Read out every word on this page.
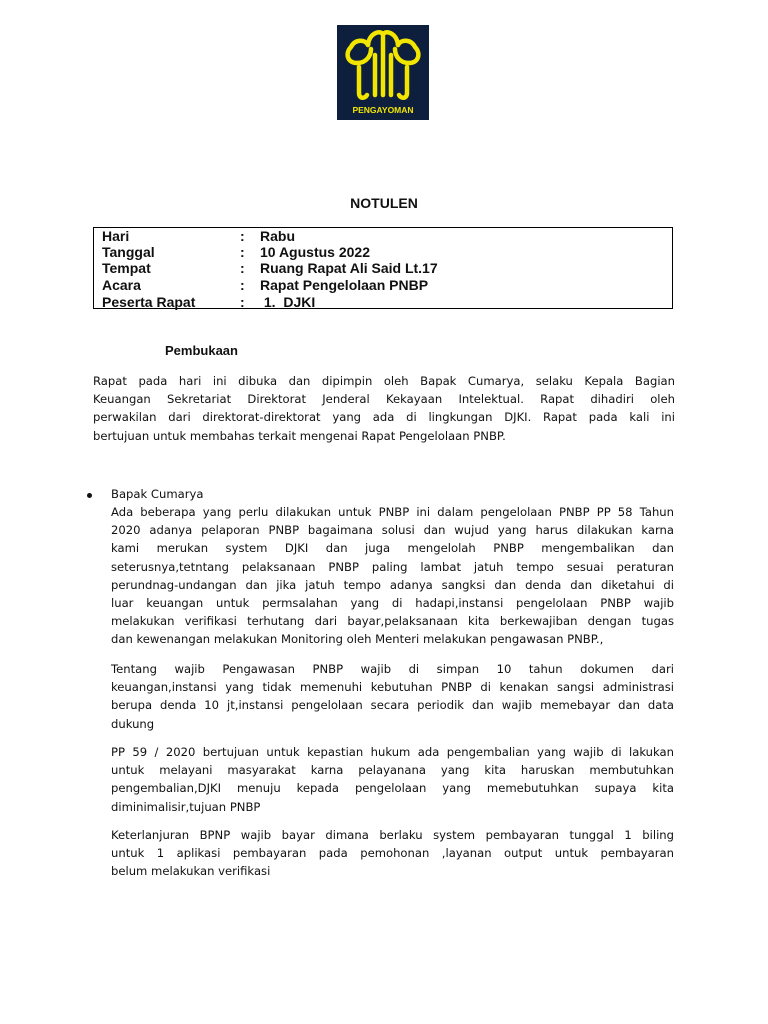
PENGAYOMAN
NOTULEN
Hari	: Rabu
Tanggal	: 10 Agustus 2022
Tempat	: Ruang Rapat Ali Said Lt.17
Acara	: Rapat Pengelolaan PNBP
Peserta Rapat	: 1.  DJKI
Pembukaan
Rapat pada hari ini dibuka dan dipimpin oleh Bapak Cumarya, selaku Kepala Bagian
Keuangan Sekretariat Direktorat Jenderal Kekayaan Intelektual. Rapat dihadiri oleh
perwakilan dari direktorat-direktorat yang ada di lingkungan DJKI. Rapat pada kali ini
bertujuan untuk membahas terkait mengenai Rapat Pengelolaan PNBP.
Bapak Cumarya
Ada beberapa yang perlu dilakukan untuk PNBP ini dalam pengelolaan PNBP PP 58 Tahun
2020 adanya pelaporan PNBP bagaimana solusi dan wujud yang harus dilakukan karna
kami merukan system DJKI dan juga mengelolah PNBP mengembalikan dan
seterusnya,tetntang pelaksanaan PNBP paling lambat jatuh tempo sesuai peraturan
perundnag-undangan dan jika jatuh tempo adanya sangksi dan denda dan diketahui di
luar keuangan untuk permsalahan yang di hadapi,instansi pengelolaan PNBP wajib
melakukan verifikasi terhutang dari bayar,pelaksanaan kita berkewajiban dengan tugas
dan kewenangan melakukan Monitoring oleh Menteri melakukan pengawasan PNBP.,
Tentang wajib Pengawasan PNBP wajib di simpan 10 tahun dokumen dari
keuangan,instansi yang tidak memenuhi kebutuhan PNBP di kenakan sangsi administrasi
berupa denda 10 jt,instansi pengelolaan secara periodik dan wajib memebayar dan data
dukung
PP 59 / 2020 bertujuan untuk kepastian hukum ada pengembalian yang wajib di lakukan
untuk melayani masyarakat karna pelayanana yang kita haruskan membutuhkan
pengembalian,DJKI menuju kepada pengelolaan yang memebutuhkan supaya kita
diminimalisir,tujuan PNBP
Keterlanjuran BPNP wajib bayar dimana berlaku system pembayaran tunggal 1 biling
untuk 1 aplikasi pembayaran pada pemohonan ,layanan output untuk pembayaran
belum melakukan verifikasi
